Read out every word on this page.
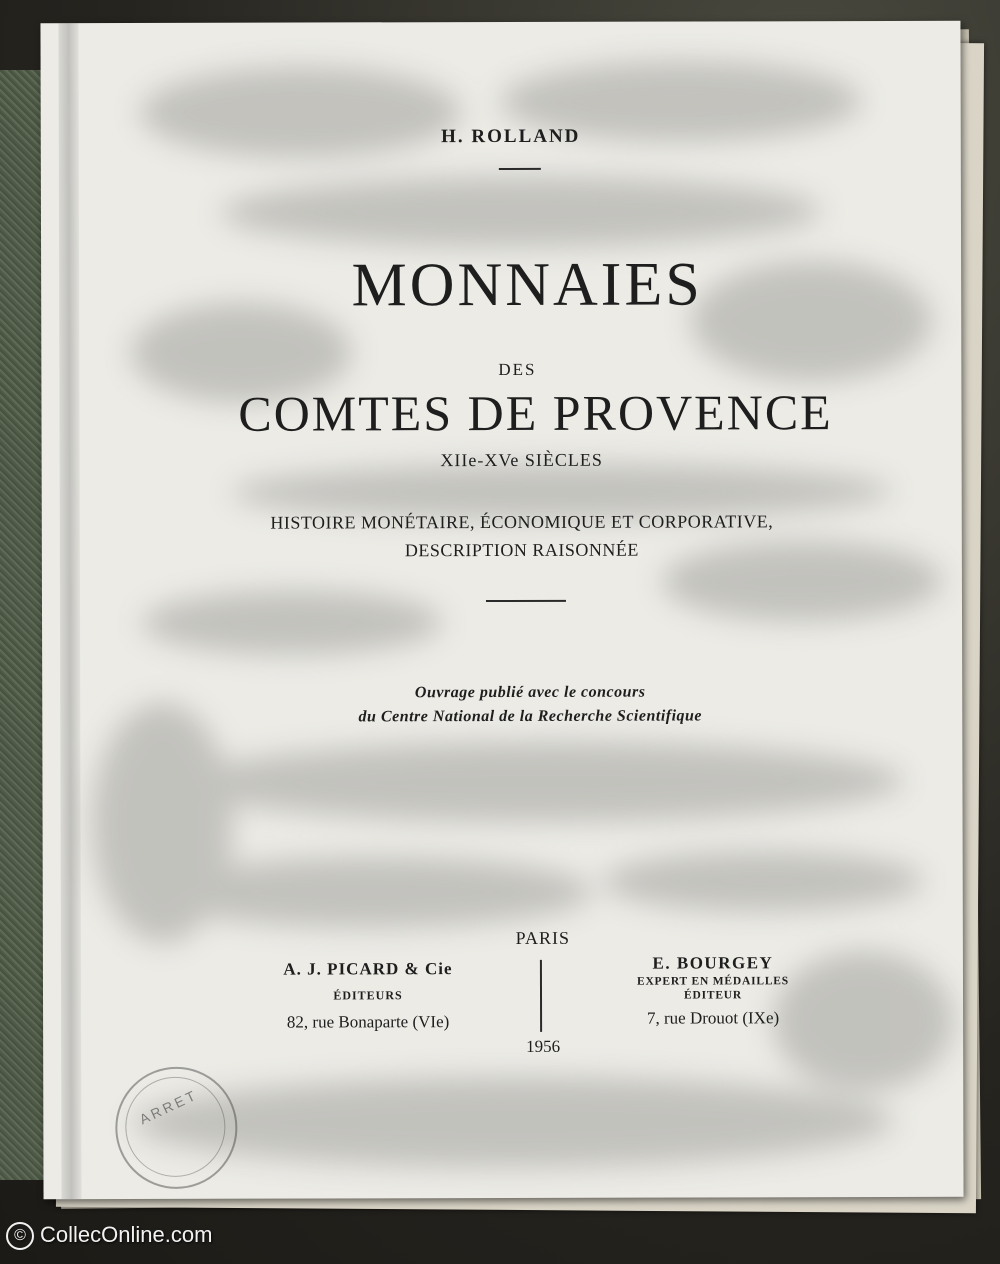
H. ROLLAND
MONNAIES
DES
COMTES DE PROVENCE
XIIe-XVe SIÈCLES
HISTOIRE MONÉTAIRE, ÉCONOMIQUE ET CORPORATIVE,
DESCRIPTION RAISONNÉE
Ouvrage publié avec le concours
du Centre National de la Recherche Scientifique
PARIS
1956
A. J. PICARD & Cie
ÉDITEURS
82, rue Bonaparte (VIe)
E. BOURGEY
EXPERT EN MÉDAILLES
ÉDITEUR
7, rue Drouot (IXe)
ARRET
© CollecOnline.com
